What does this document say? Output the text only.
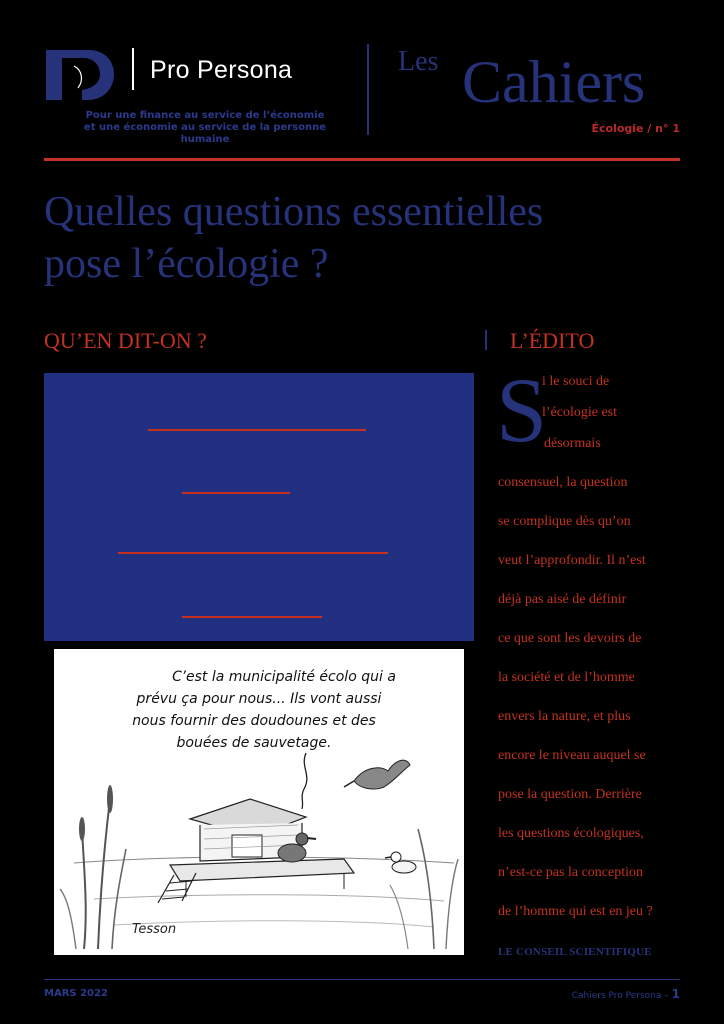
Pro Persona
Pour une finance au service de l’économie
et une économie au service de la personne humaine
Les Cahiers
Écologie / n° 1
Quelles questions essentielles
pose l’écologie ?
QU’EN DIT-ON ?	L’ÉDITO
C’est la municipalité écolo qui a
prévu ça pour nous... Ils vont aussi
nous fournir des doudounes et des
bouées de sauvetage.
Tesson
S
i le souci de
l’écologie est
désormais
consensuel, la question
se complique dès qu’on
veut l’approfondir. Il n’est
déjà pas aisé de définir
ce que sont les devoirs de
la société et de l’homme
envers la nature, et plus
encore le niveau auquel se
pose la question. Derrière
les questions écologiques,
n’est-ce pas la conception
de l’homme qui est en jeu ?
LE CONSEIL SCIENTIFIQUE
MARS 2022	Cahiers Pro Persona – 1
